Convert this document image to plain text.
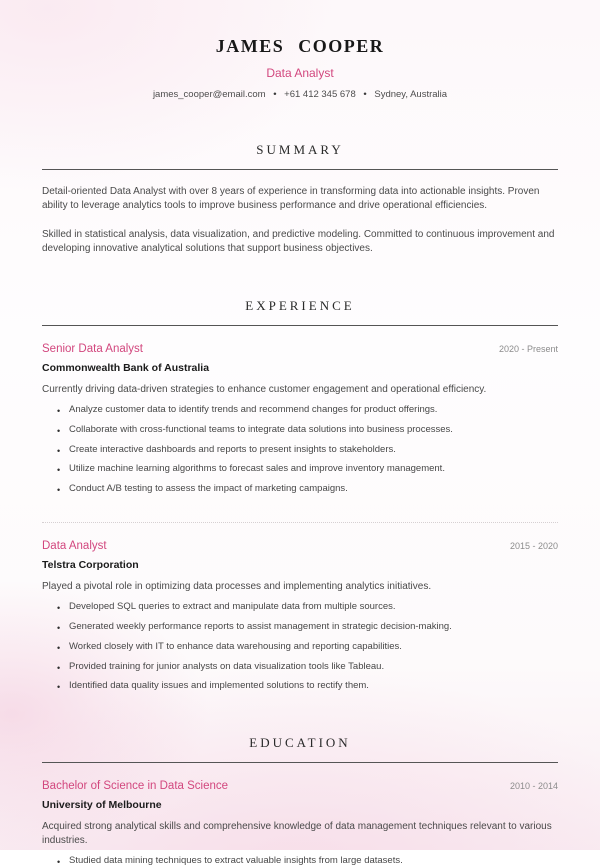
JAMES COOPER
Data Analyst
james_cooper@email.com • +61 412 345 678 • Sydney, Australia
SUMMARY

Detail-oriented Data Analyst with over 8 years of experience in transforming data into actionable insights. Proven ability to leverage analytics tools to improve business performance and drive operational efficiencies.

Skilled in statistical analysis, data visualization, and predictive modeling. Committed to continuous improvement and developing innovative analytical solutions that support business objectives.

EXPERIENCE
Senior Data Analyst	2020 - Present
Commonwealth Bank of Australia

Currently driving data-driven strategies to enhance customer engagement and operational efficiency.

• Analyze customer data to identify trends and recommend changes for product offerings.
• Collaborate with cross-functional teams to integrate data solutions into business processes.
• Create interactive dashboards and reports to present insights to stakeholders.
• Utilize machine learning algorithms to forecast sales and improve inventory management.
• Conduct A/B testing to assess the impact of marketing campaigns.
Data Analyst	2015 - 2020
Telstra Corporation

Played a pivotal role in optimizing data processes and implementing analytics initiatives.

• Developed SQL queries to extract and manipulate data from multiple sources.
• Generated weekly performance reports to assist management in strategic decision-making.
• Worked closely with IT to enhance data warehousing and reporting capabilities.
• Provided training for junior analysts on data visualization tools like Tableau.
• Identified data quality issues and implemented solutions to rectify them.
EDUCATION
Bachelor of Science in Data Science	2010 - 2014
University of Melbourne

Acquired strong analytical skills and comprehensive knowledge of data management techniques relevant to various industries.

• Studied data mining techniques to extract valuable insights from large datasets.
